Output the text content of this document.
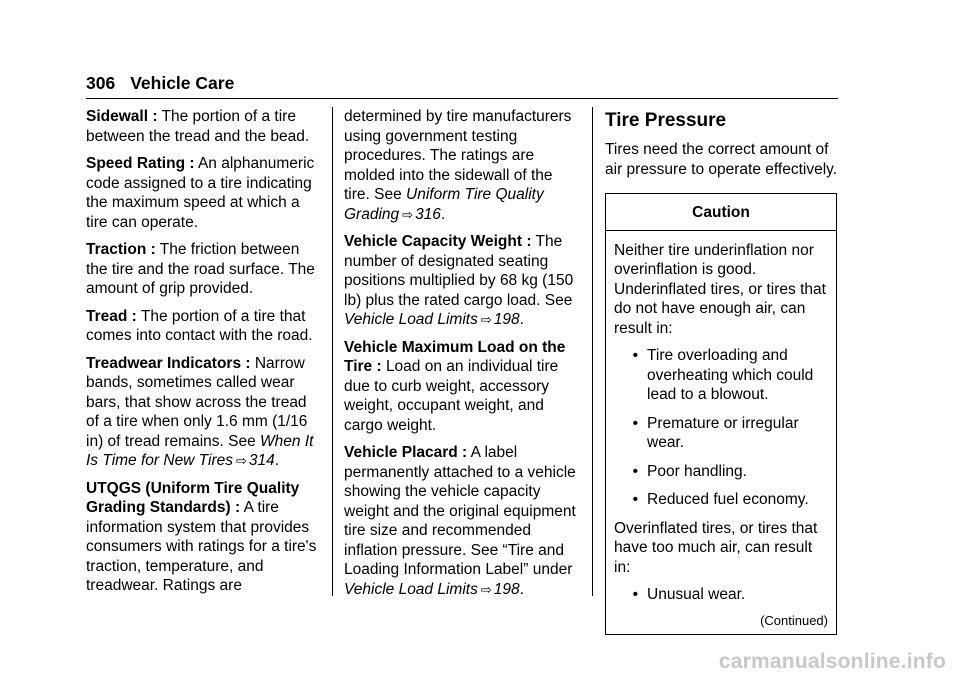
306 Vehicle Care

Sidewall : The portion of a tire between the tread and the bead.

Speed Rating : An alphanumeric code assigned to a tire indicating the maximum speed at which a tire can operate.

Traction : The friction between the tire and the road surface. The amount of grip provided.

Tread : The portion of a tire that comes into contact with the road.

Treadwear Indicators : Narrow bands, sometimes called wear bars, that show across the tread of a tire when only 1.6 mm (1/16 in) of tread remains. See When It Is Time for New Tires ⇨ 314.

UTQGS (Uniform Tire Quality Grading Standards) : A tire information system that provides consumers with ratings for a tire's traction, temperature, and treadwear. Ratings are

determined by tire manufacturers using government testing procedures. The ratings are molded into the sidewall of the tire. See Uniform Tire Quality Grading ⇨ 316.

Vehicle Capacity Weight : The number of designated seating positions multiplied by 68 kg (150 lb) plus the rated cargo load. See Vehicle Load Limits ⇨ 198.

Vehicle Maximum Load on the Tire : Load on an individual tire due to curb weight, accessory weight, occupant weight, and cargo weight.

Vehicle Placard : A label permanently attached to a vehicle showing the vehicle capacity weight and the original equipment tire size and recommended inflation pressure. See “Tire and Loading Information Label” under Vehicle Load Limits ⇨ 198.

Tire Pressure

Tires need the correct amount of air pressure to operate effectively.

Caution

Neither tire underinflation nor overinflation is good. Underinflated tires, or tires that do not have enough air, can result in:

• Tire overloading and overheating which could lead to a blowout.
• Premature or irregular wear.
• Poor handling.
• Reduced fuel economy.

Overinflated tires, or tires that have too much air, can result in:

• Unusual wear.
(Continued)
carmanualsonline.info
